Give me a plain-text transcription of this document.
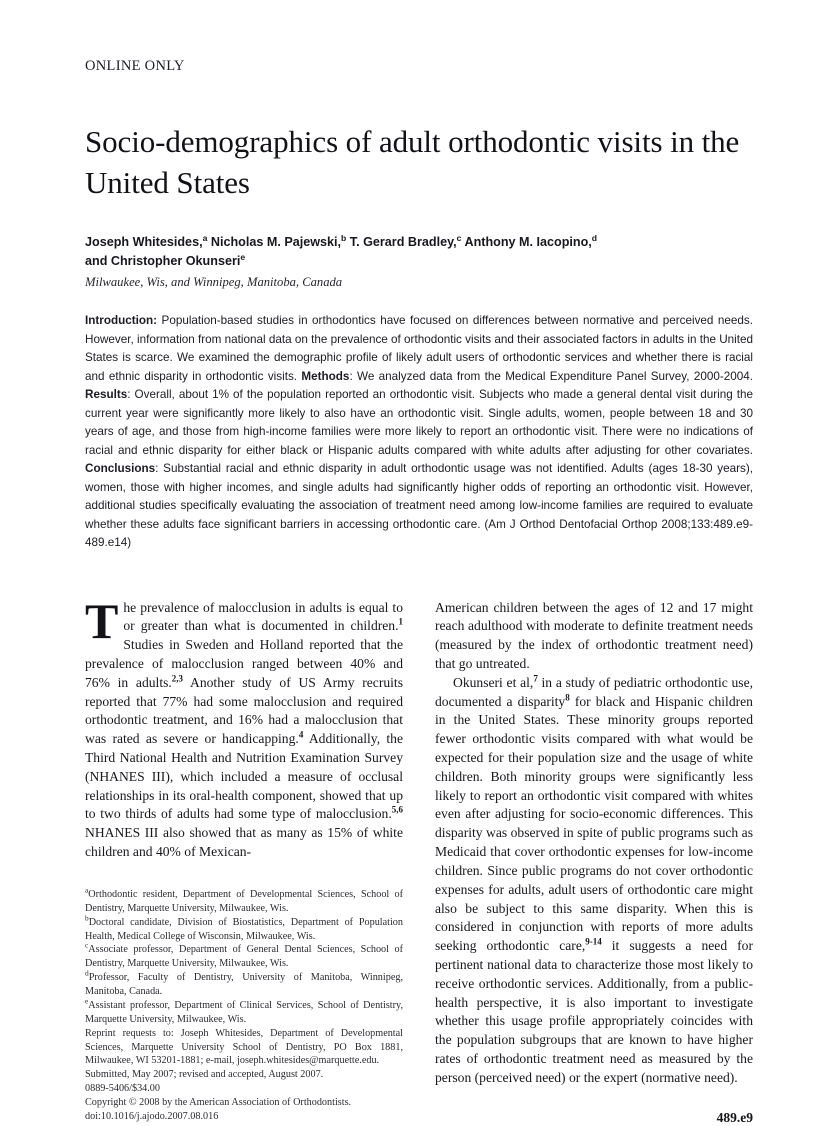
ONLINE ONLY
Socio-demographics of adult orthodontic visits in the United States
Joseph Whitesides,$^a$ Nicholas M. Pajewski,$^b$ T. Gerard Bradley,$^c$ Anthony M. Iacopino,$^d$
and Christopher Okunseri$^e$
Milwaukee, Wis, and Winnipeg, Manitoba, Canada
Introduction: Population-based studies in orthodontics have focused on differences between normative and perceived needs. However, information from national data on the prevalence of orthodontic visits and their associated factors in adults in the United States is scarce. We examined the demographic profile of likely adult users of orthodontic services and whether there is racial and ethnic disparity in orthodontic visits. Methods: We analyzed data from the Medical Expenditure Panel Survey, 2000-2004. Results: Overall, about 1% of the population reported an orthodontic visit. Subjects who made a general dental visit during the current year were significantly more likely to also have an orthodontic visit. Single adults, women, people between 18 and 30 years of age, and those from high-income families were more likely to report an orthodontic visit. There were no indications of racial and ethnic disparity for either black or Hispanic adults compared with white adults after adjusting for other covariates. Conclusions: Substantial racial and ethnic disparity in adult orthodontic usage was not identified. Adults (ages 18-30 years), women, those with higher incomes, and single adults had significantly higher odds of reporting an orthodontic visit. However, additional studies specifically evaluating the association of treatment need among low-income families are required to evaluate whether these adults face significant barriers in accessing orthodontic care. (Am J Orthod Dentofacial Orthop 2008;133:489.e9-489.e14)

The prevalence of malocclusion in adults is equal to or greater than what is documented in children.$^1$ Studies in Sweden and Holland reported that the prevalence of malocclusion ranged between 40% and 76% in adults.$^{2,3}$ Another study of US Army recruits reported that 77% had some malocclusion and required orthodontic treatment, and 16% had a malocclusion that was rated as severe or handicapping.$^4$ Additionally, the Third National Health and Nutrition Examination Survey (NHANES III), which included a measure of occlusal relationships in its oral-health component, showed that up to two thirds of adults had some type of malocclusion.$^{5,6}$ NHANES III also showed that as many as 15% of white children and 40% of Mexican-

$^a$Orthodontic resident, Department of Developmental Sciences, School of Dentistry, Marquette University, Milwaukee, Wis.

$^b$Doctoral candidate, Division of Biostatistics, Department of Population Health, Medical College of Wisconsin, Milwaukee, Wis.

$^c$Associate professor, Department of General Dental Sciences, School of Dentistry, Marquette University, Milwaukee, Wis.

$^d$Professor, Faculty of Dentistry, University of Manitoba, Winnipeg, Manitoba, Canada.

$^e$Assistant professor, Department of Clinical Services, School of Dentistry, Marquette University, Milwaukee, Wis.

Reprint requests to: Joseph Whitesides, Department of Developmental Sciences, Marquette University School of Dentistry, PO Box 1881, Milwaukee, WI 53201-1881; e-mail, joseph.whitesides@marquette.edu.

Submitted, May 2007; revised and accepted, August 2007.

0889-5406/$34.00

Copyright © 2008 by the American Association of Orthodontists.

doi:10.1016/j.ajodo.2007.08.016

American children between the ages of 12 and 17 might reach adulthood with moderate to definite treatment needs (measured by the index of orthodontic treatment need) that go untreated.

Okunseri et al,$^7$ in a study of pediatric orthodontic use, documented a disparity$^8$ for black and Hispanic children in the United States. These minority groups reported fewer orthodontic visits compared with what would be expected for their population size and the usage of white children. Both minority groups were significantly less likely to report an orthodontic visit compared with whites even after adjusting for socio-economic differences. This disparity was observed in spite of public programs such as Medicaid that cover orthodontic expenses for low-income children. Since public programs do not cover orthodontic expenses for adults, adult users of orthodontic care might also be subject to this same disparity. When this is considered in conjunction with reports of more adults seeking orthodontic care,$^{9-14}$ it suggests a need for pertinent national data to characterize those most likely to receive orthodontic services. Additionally, from a public-health perspective, it is also important to investigate whether this usage profile appropriately coincides with the population subgroups that are known to have higher rates of orthodontic treatment need as measured by the person (perceived need) or the expert (normative need).

489.e9
